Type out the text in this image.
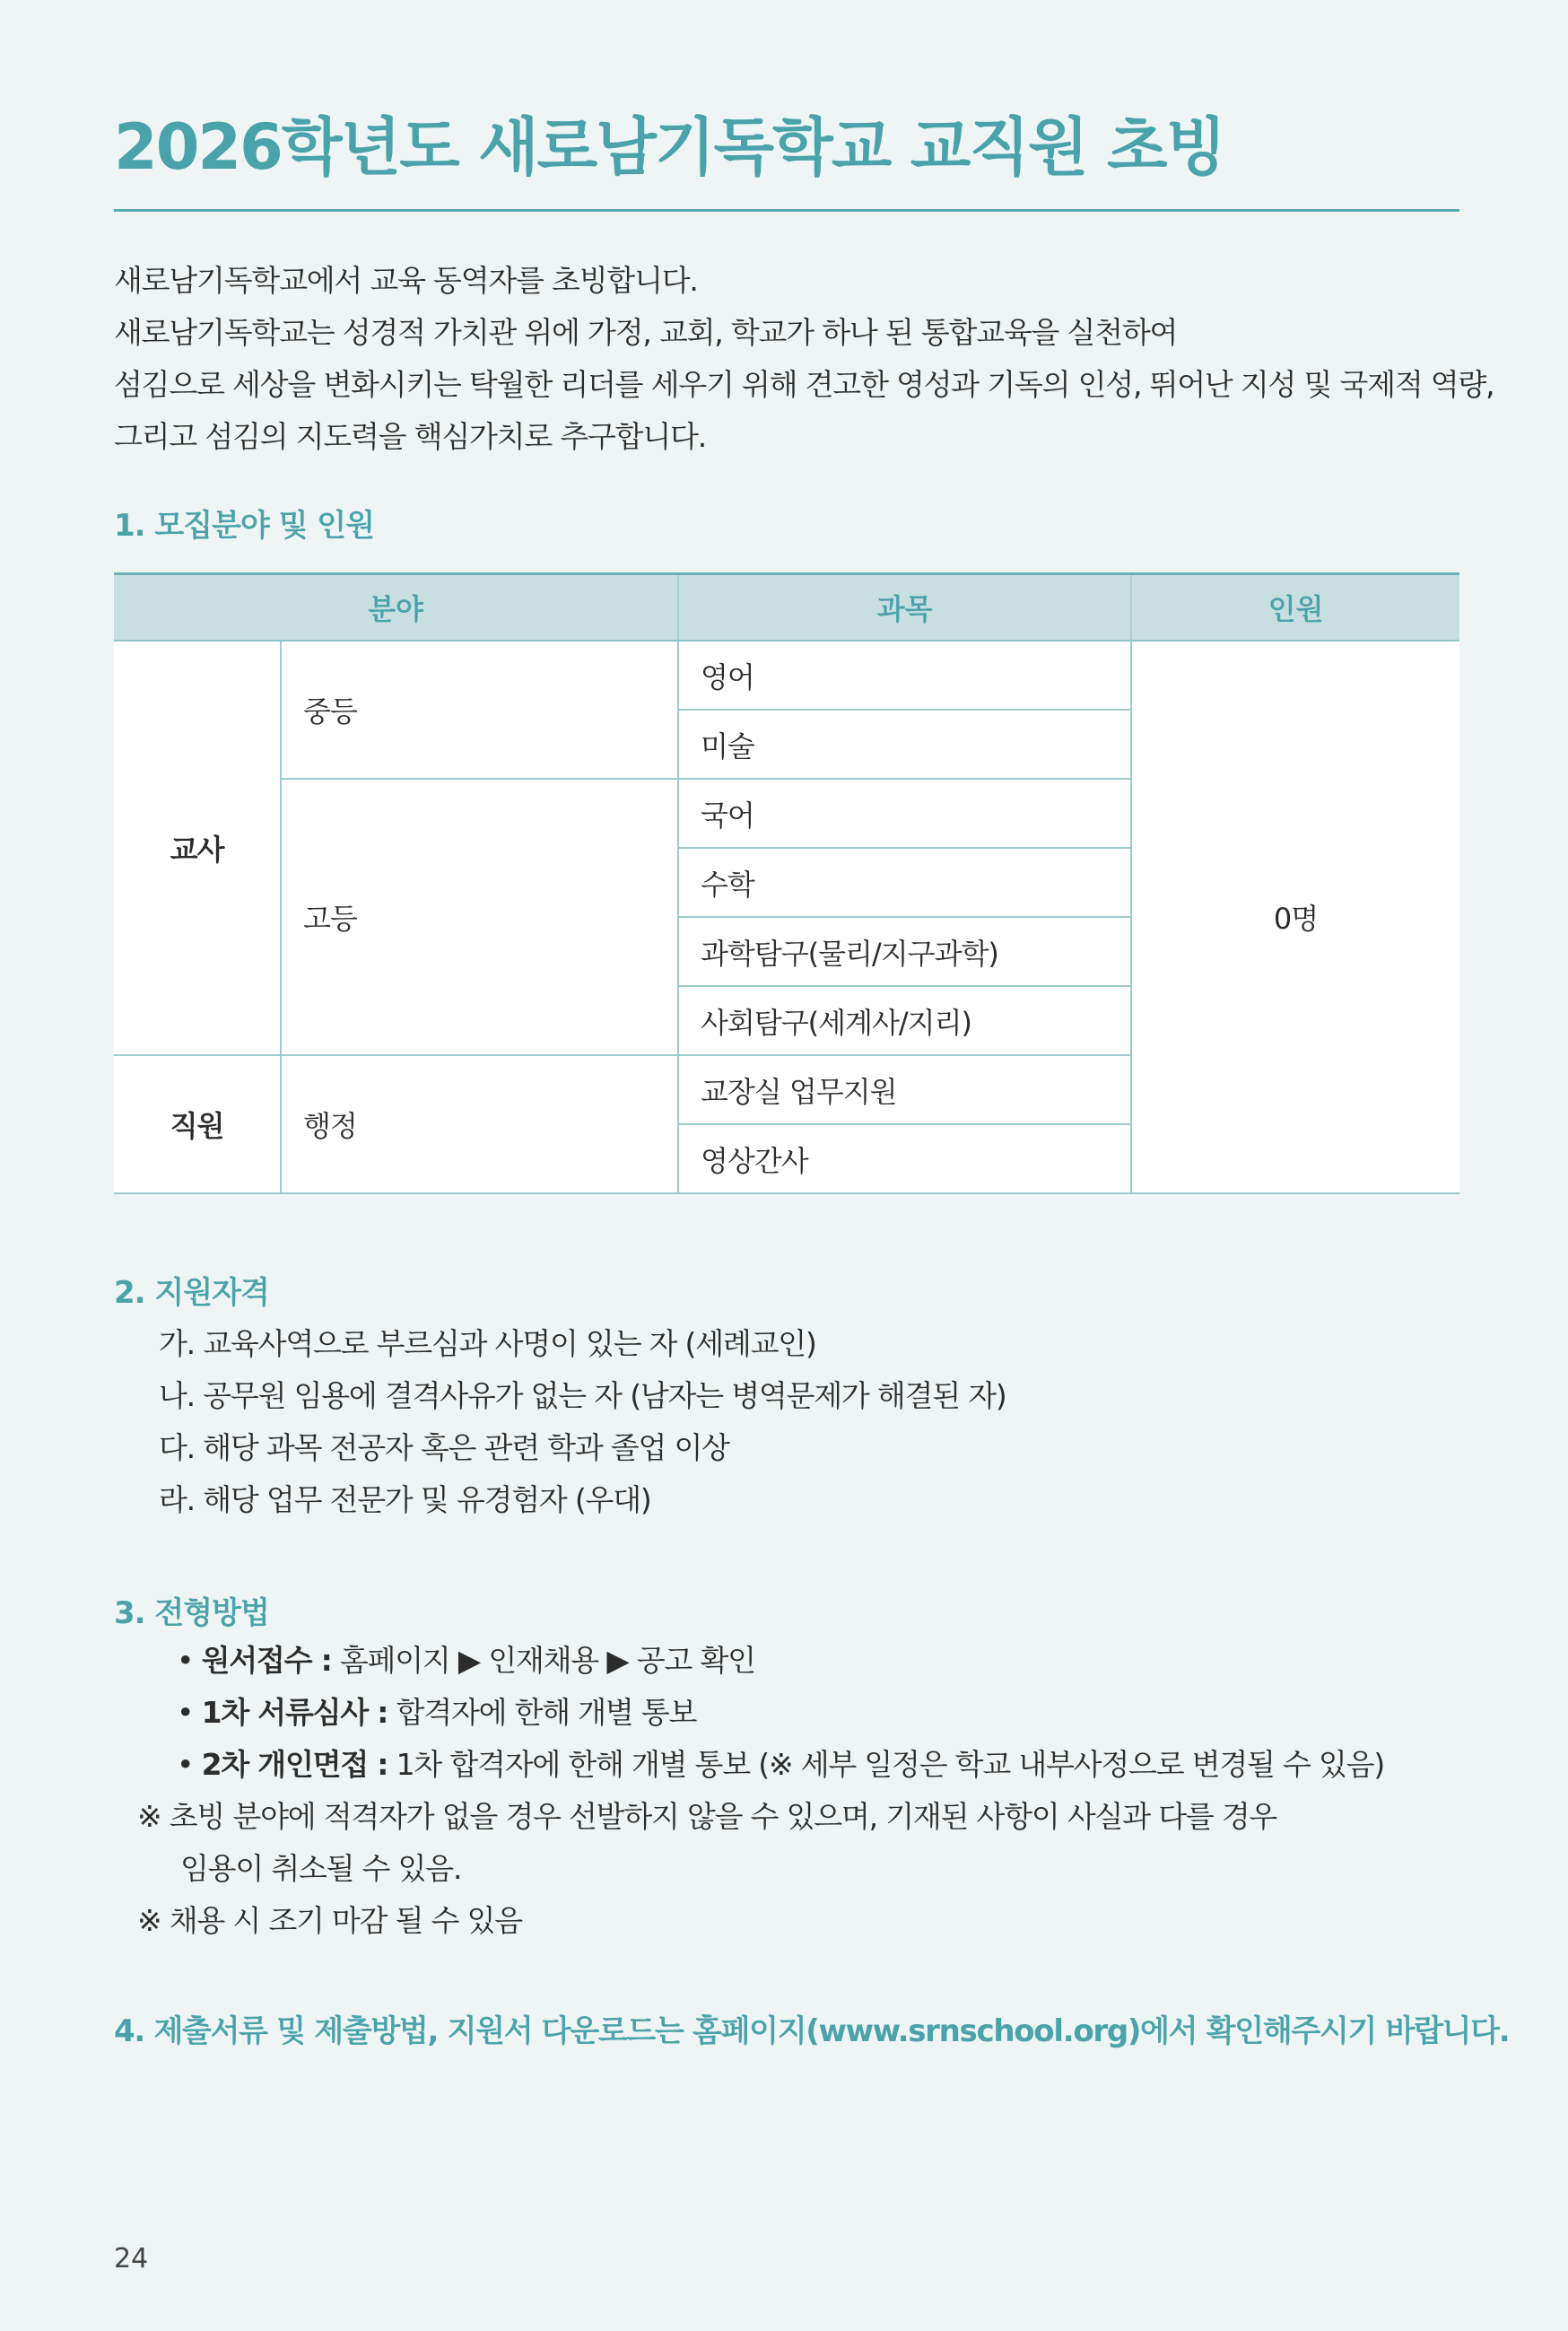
2026학년도 새로남기독학교 교직원 초빙
새로남기독학교에서 교육 동역자를 초빙합니다.
새로남기독학교는 성경적 가치관 위에 가정, 교회, 학교가 하나 된 통합교육을 실천하여
섬김으로 세상을 변화시키는 탁월한 리더를 세우기 위해 견고한 영성과 기독의 인성, 뛰어난 지성 및 국제적 역량,
그리고 섬김의 지도력을 핵심가치로 추구합니다.
1. 모집분야 및 인원
분야		과목	인원
교사	중등	영어	0명
		미술	
	고등	국어	
		수학	
		과학탐구(물리/지구과학)	
		사회탐구(세계사/지리)	
직원	행정	교장실 업무지원	
		영상간사	
2. 지원자격
가. 교육사역으로 부르심과 사명이 있는 자 (세례교인)
나. 공무원 임용에 결격사유가 없는 자 (남자는 병역문제가 해결된 자)
다. 해당 과목 전공자 혹은 관련 학과 졸업 이상
라. 해당 업무 전문가 및 유경험자 (우대)
3. 전형방법
• 원서접수 : 홈페이지 ▶ 인재채용 ▶ 공고 확인
• 1차 서류심사 : 합격자에 한해 개별 통보
• 2차 개인면접 : 1차 합격자에 한해 개별 통보 (※ 세부 일정은 학교 내부사정으로 변경될 수 있음)
※ 초빙 분야에 적격자가 없을 경우 선발하지 않을 수 있으며, 기재된 사항이 사실과 다를 경우
임용이 취소될 수 있음.
※ 채용 시 조기 마감 될 수 있음
4. 제출서류 및 제출방법, 지원서 다운로드는 홈페이지(www.srnschool.org)에서 확인해주시기 바랍니다.
24
